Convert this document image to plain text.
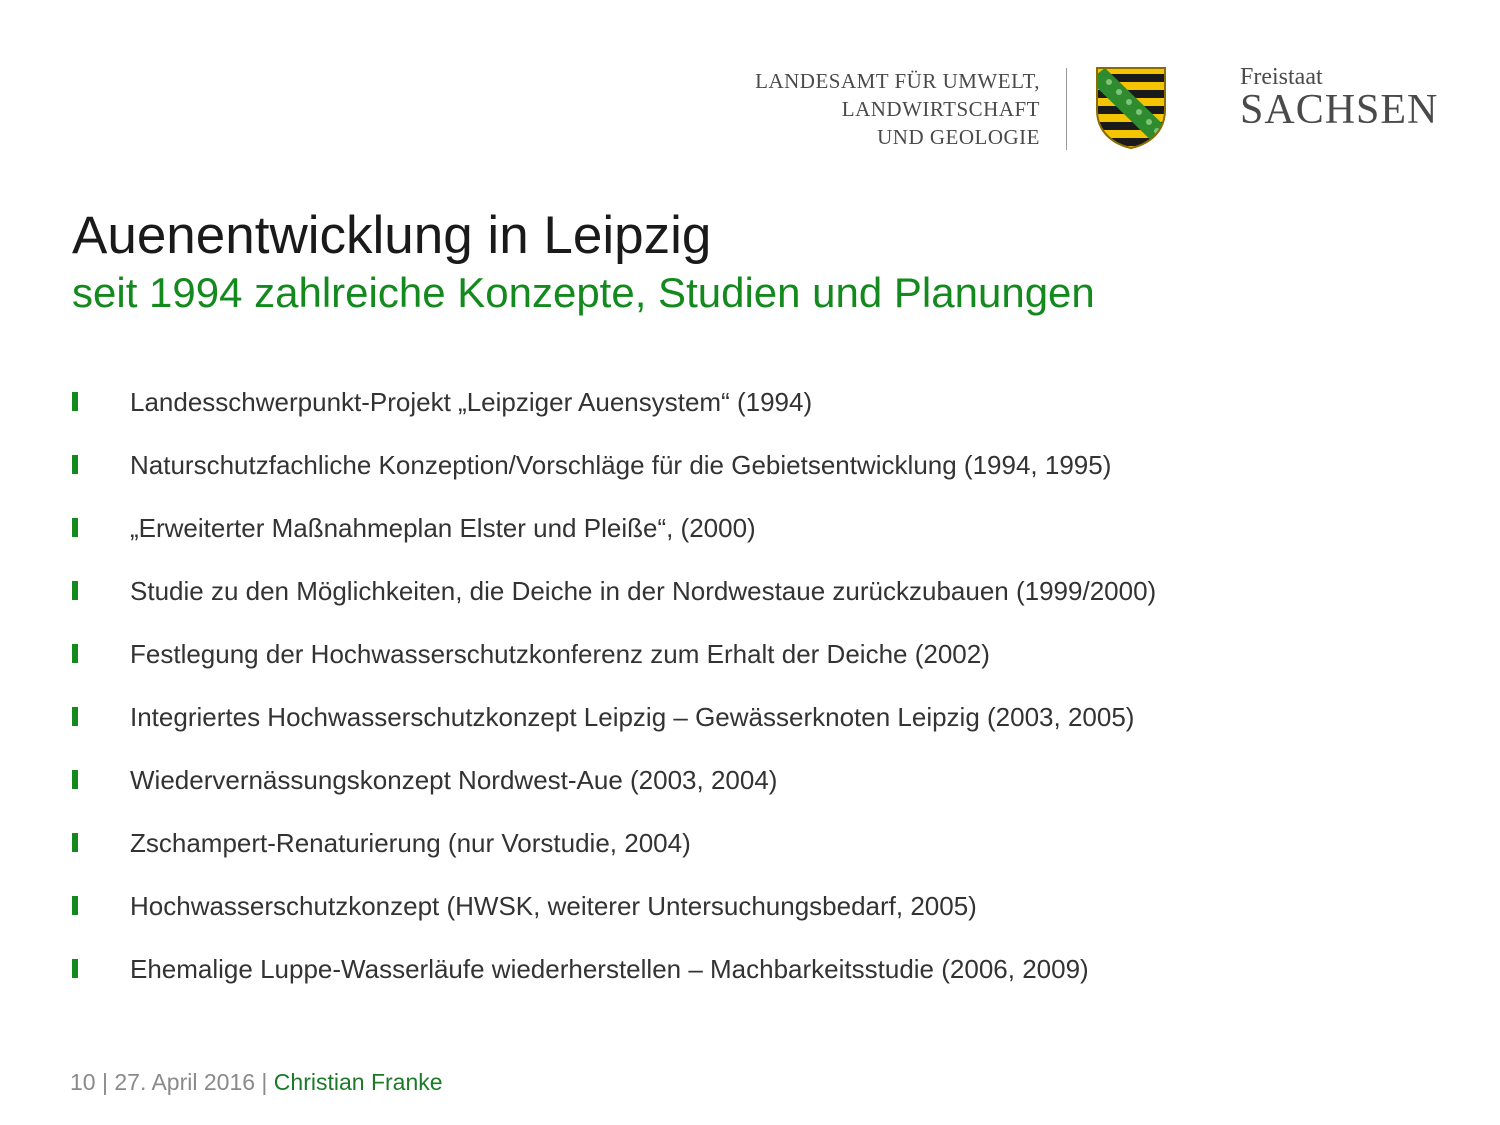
LANDESAMT FÜR UMWELT,
LANDWIRTSCHAFT
UND GEOLOGIE
Freistaat
SACHSEN
Auenentwicklung in Leipzig
seit 1994 zahlreiche Konzepte, Studien und Planungen
Landesschwerpunkt-Projekt „Leipziger Auensystem“ (1994)
Naturschutzfachliche Konzeption/Vorschläge für die Gebietsentwicklung (1994, 1995)
„Erweiterter Maßnahmeplan Elster und Pleiße“, (2000)
Studie zu den Möglichkeiten, die Deiche in der Nordwestaue zurückzubauen (1999/2000)
Festlegung der Hochwasserschutzkonferenz zum Erhalt der Deiche (2002)
Integriertes Hochwasserschutzkonzept Leipzig – Gewässerknoten Leipzig (2003, 2005)
Wiedervernässungskonzept Nordwest-Aue (2003, 2004)
Zschampert-Renaturierung (nur Vorstudie, 2004)
Hochwasserschutzkonzept (HWSK, weiterer Untersuchungsbedarf, 2005)
Ehemalige Luppe-Wasserläufe wiederherstellen – Machbarkeitsstudie (2006, 2009)
10 | 27. April 2016 | Christian Franke
